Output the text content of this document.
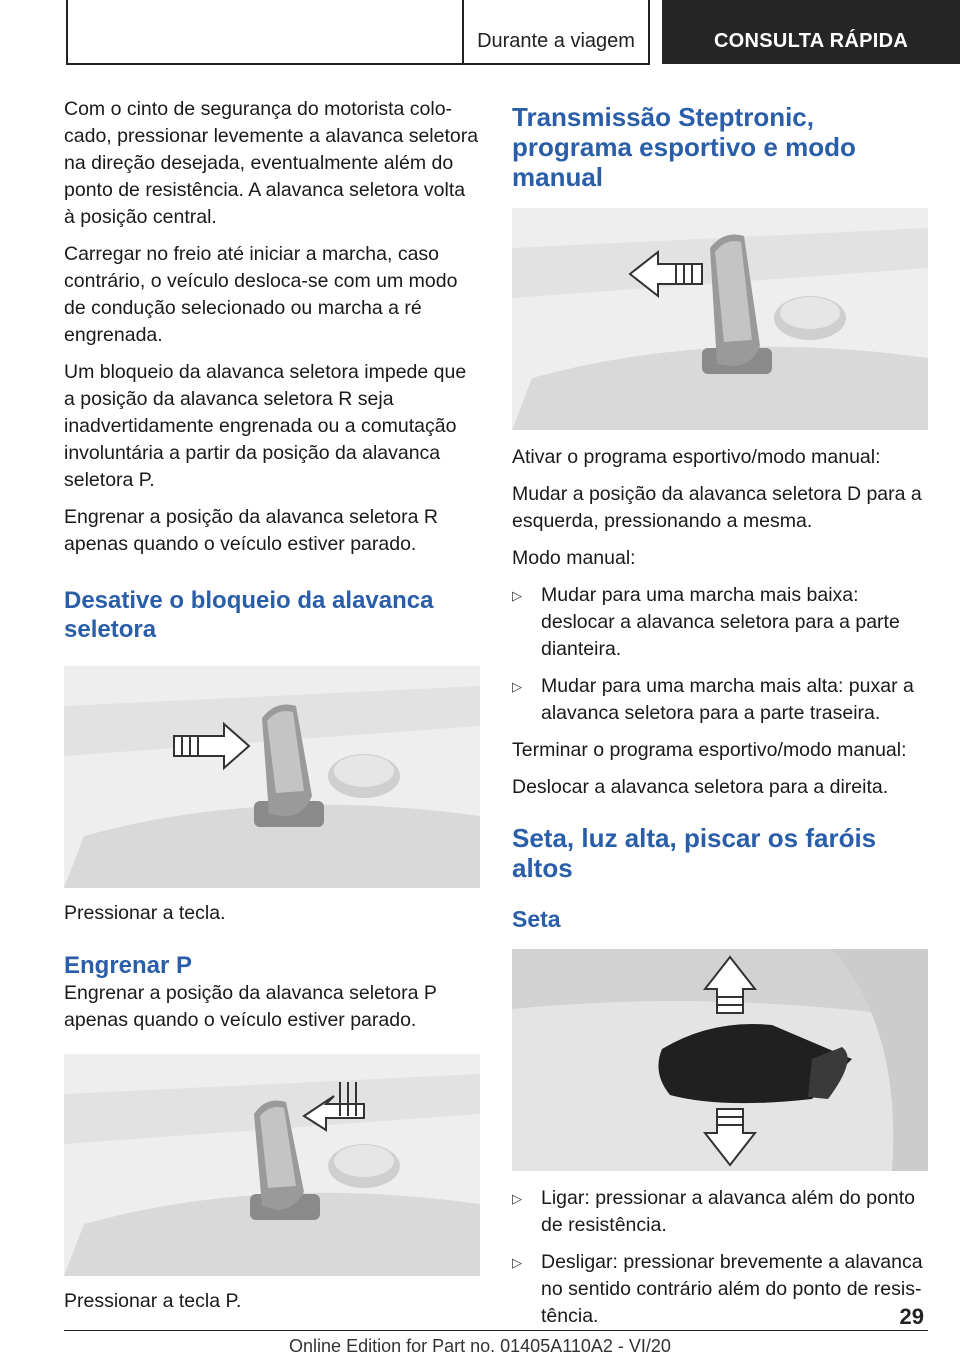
Durante a viagem	CONSULTA RÁPIDA

Com o cinto de segurança do motorista colocado, pressionar levemente a alavanca seletora na direção desejada, eventualmente além do ponto de resistência. A alavanca seletora volta à posição central.

Carregar no freio até iniciar a marcha, caso contrário, o veículo desloca-se com um modo de condução selecionado ou marcha a ré engrenada.

Um bloqueio da alavanca seletora impede que a posição da alavanca seletora R seja inadvertidamente engrenada ou a comutação involuntária a partir da posição da alavanca seletora P.

Engrenar a posição da alavanca seletora R apenas quando o veículo estiver parado.

Desative o bloqueio da alavanca seletora

Pressionar a tecla.

Engrenar P

Engrenar a posição da alavanca seletora P apenas quando o veículo estiver parado.

Pressionar a tecla P.

Transmissão Steptronic, programa esportivo e modo manual

Ativar o programa esportivo/modo manual:

Mudar a posição da alavanca seletora D para a esquerda, pressionando a mesma.

Modo manual:

▷ Mudar para uma marcha mais baixa: deslocar a alavanca seletora para a parte dianteira.
▷ Mudar para uma marcha mais alta: puxar a alavanca seletora para a parte traseira.

Terminar o programa esportivo/modo manual:

Deslocar a alavanca seletora para a direita.

Seta, luz alta, piscar os faróis altos
Seta
▷ Ligar: pressionar a alavanca além do ponto de resistência.
▷ Desligar: pressionar brevemente a alavanca no sentido contrário além do ponto de resistência.	29
Online Edition for Part no. 01405A110A2 - VI/20
